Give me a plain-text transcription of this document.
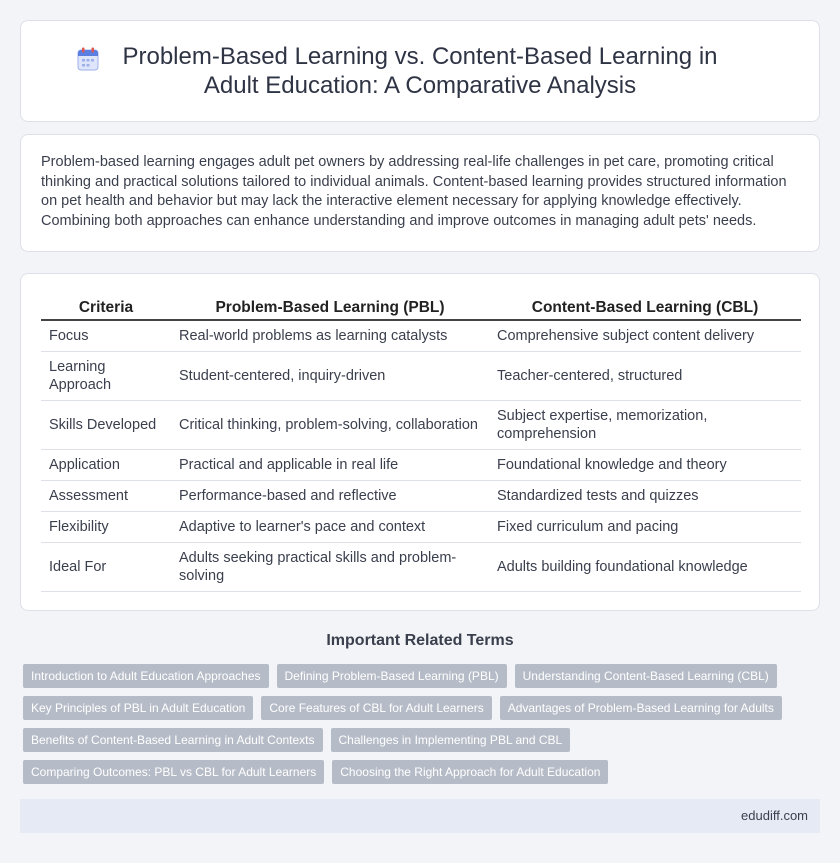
Problem-Based Learning vs. Content-Based Learning in Adult Education: A Comparative Analysis

Problem-based learning engages adult pet owners by addressing real-life challenges in pet care, promoting critical thinking and practical solutions tailored to individual animals. Content-based learning provides structured information on pet health and behavior but may lack the interactive element necessary for applying knowledge effectively. Combining both approaches can enhance understanding and improve outcomes in managing adult pets' needs.

Criteria	Problem-Based Learning (PBL)	Content-Based Learning (CBL)
Focus	Real-world problems as learning catalysts	Comprehensive subject content delivery
Learning Approach	Student-centered, inquiry-driven	Teacher-centered, structured
Skills Developed	Critical thinking, problem-solving, collaboration	Subject expertise, memorization, comprehension
Application	Practical and applicable in real life	Foundational knowledge and theory
Assessment	Performance-based and reflective	Standardized tests and quizzes
Flexibility	Adaptive to learner's pace and context	Fixed curriculum and pacing
Ideal For	Adults seeking practical skills and problem-solving	Adults building foundational knowledge
Important Related Terms
Introduction to Adult Education Approaches	Defining Problem-Based Learning (PBL)	Understanding Content-Based Learning (CBL)
Key Principles of PBL in Adult Education	Core Features of CBL for Adult Learners	Advantages of Problem-Based Learning for Adults
Benefits of Content-Based Learning in Adult Contexts	Challenges in Implementing PBL and CBL
Comparing Outcomes: PBL vs CBL for Adult Learners	Choosing the Right Approach for Adult Education
edudiff.com
